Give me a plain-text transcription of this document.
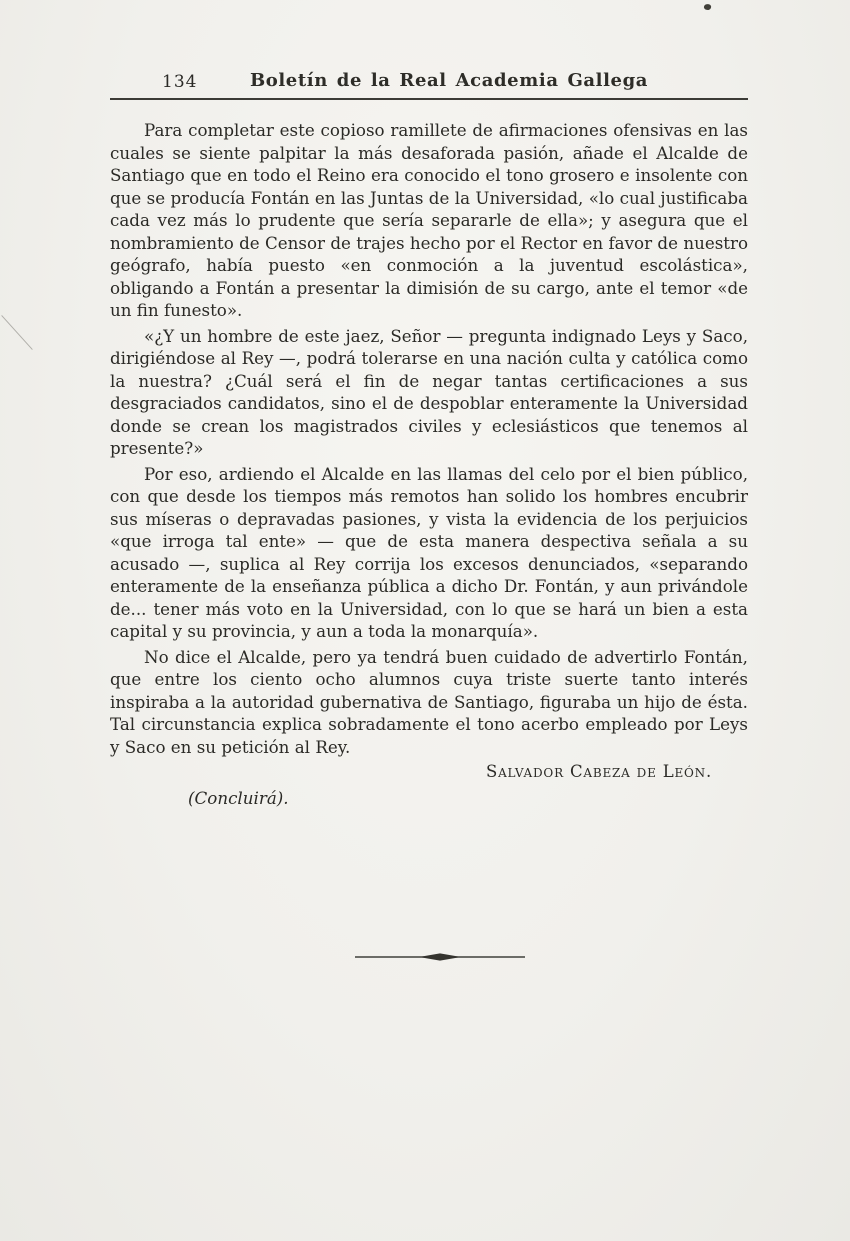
134	Boletín de la Real Academia Gallega

Para completar este copioso ramillete de afirmaciones ofensivas en las cuales se siente palpitar la más desaforada pasión, añade el Alcalde de Santiago que en todo el Reino era conocido el tono grosero e insolente con que se producía Fontán en las Juntas de la Universidad, «lo cual justificaba cada vez más lo prudente que sería separarle de ella»; y asegura que el nombramiento de Censor de trajes hecho por el Rector en favor de nuestro geógrafo, había puesto «en conmoción a la juventud escolástica», obligando a Fontán a presentar la dimisión de su cargo, ante el temor «de un fin funesto».

«¿Y un hombre de este jaez, Señor — pregunta indignado Leys y Saco, dirigiéndose al Rey —, podrá tolerarse en una nación culta y católica como la nuestra? ¿Cuál será el fin de negar tantas certificaciones a sus desgraciados candidatos, sino el de despoblar enteramente la Universidad donde se crean los magistrados civiles y eclesiásticos que tenemos al presente?»

Por eso, ardiendo el Alcalde en las llamas del celo por el bien público, con que desde los tiempos más remotos han solido los hombres encubrir sus míseras o depravadas pasiones, y vista la evidencia de los perjuicios «que irroga tal ente» — que de esta manera despectiva señala a su acusado —, suplica al Rey corrija los excesos denunciados, «separando enteramente de la enseñanza pública a dicho Dr. Fontán, y aun privándole de... tener más voto en la Universidad, con lo que se hará un bien a esta capital y su provincia, y aun a toda la monarquía».

No dice el Alcalde, pero ya tendrá buen cuidado de advertirlo Fontán, que entre los ciento ocho alumnos cuya triste suerte tanto interés inspiraba a la autoridad gubernativa de Santiago, figuraba un hijo de ésta. Tal circunstancia explica sobradamente el tono acerbo empleado por Leys y Saco en su petición al Rey.

Salvador Cabeza de León.

(Concluirá).
